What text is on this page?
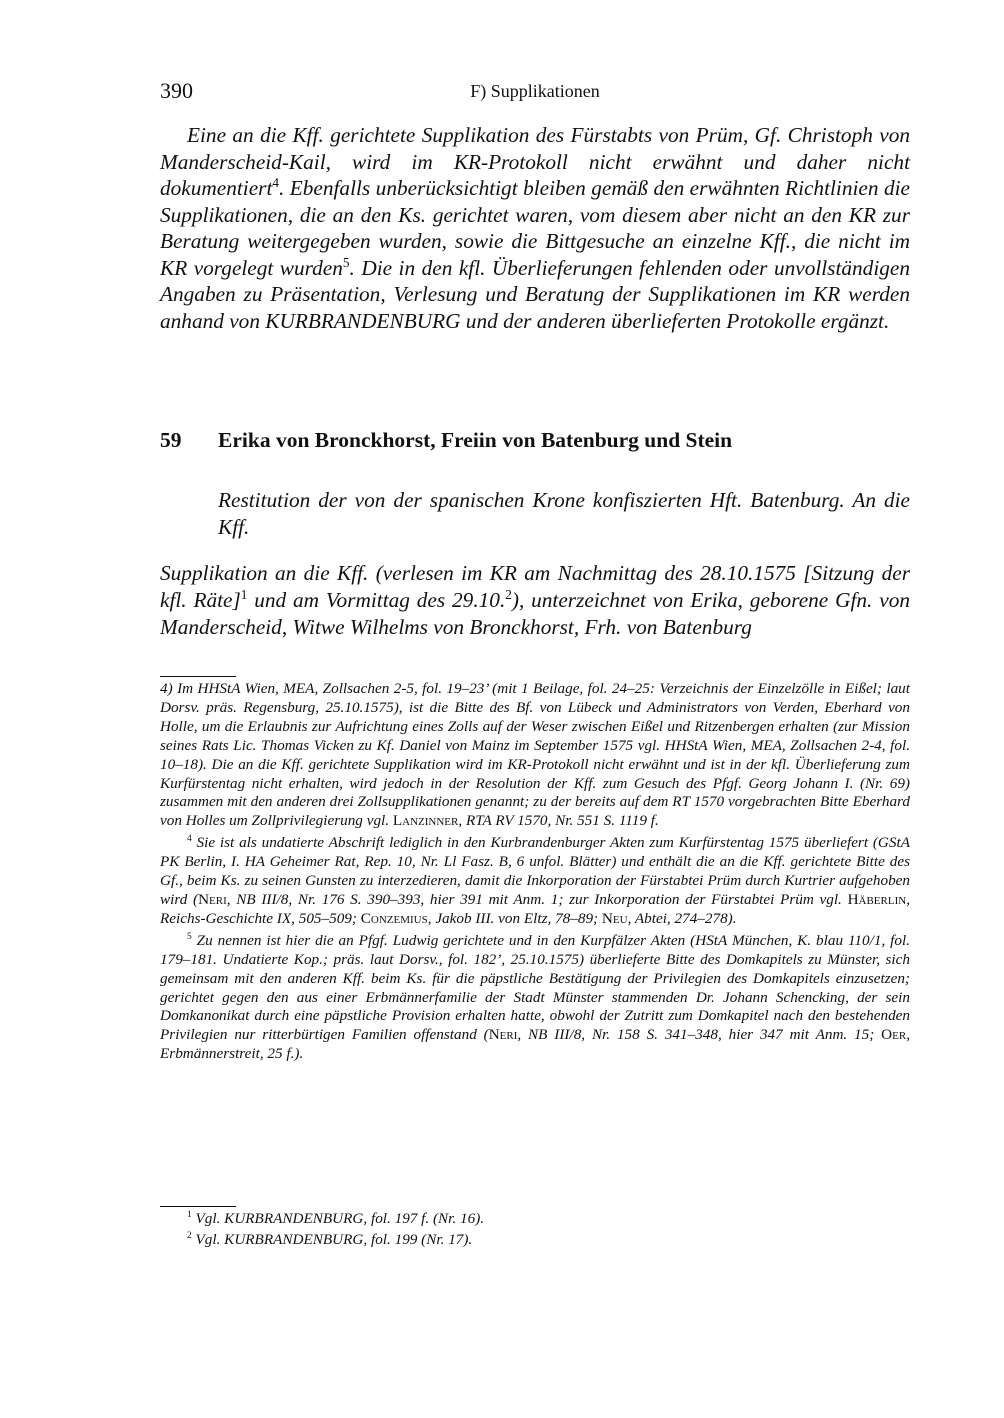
390	F) Supplikationen

Eine an die Kff. gerichtete Supplikation des Fürstabts von Prüm, Gf. Christoph von Manderscheid-Kail, wird im KR-Protokoll nicht erwähnt und daher nicht dokumentiert$^4$. Ebenfalls unberücksichtigt bleiben gemäß den erwähnten Richtlinien die Supplikationen, die an den Ks. gerichtet waren, vom diesem aber nicht an den KR zur Beratung weitergegeben wurden, sowie die Bittgesuche an einzelne Kff., die nicht im KR vorgelegt wurden$^5$. Die in den kfl. Überlieferungen fehlenden oder unvollständigen Angaben zu Präsentation, Verlesung und Beratung der Supplikationen im KR werden anhand von KURBRANDENBURG und der anderen überlieferten Protokolle ergänzt.

59 Erika von Bronckhorst, Freiin von Batenburg und Stein

Restitution der von der spanischen Krone konfiszierten Hft. Batenburg. An die Kff.

Supplikation an die Kff. (verlesen im KR am Nachmittag des 28.10.1575 [Sitzung der kfl. Räte]$^1$ und am Vormittag des 29.10.$^2$), unterzeichnet von Erika, geborene Gfn. von Manderscheid, Witwe Wilhelms von Bronckhorst, Frh. von Batenburg

4) Im HHStA Wien, MEA, Zollsachen 2-5, fol. 19–23’ (mit 1 Beilage, fol. 24–25: Verzeichnis der Einzelzölle in Eißel; laut Dorsv. präs. Regensburg, 25.10.1575), ist die Bitte des Bf. von Lübeck und Administrators von Verden, Eberhard von Holle, um die Erlaubnis zur Aufrichtung eines Zolls auf der Weser zwischen Eißel und Ritzenbergen erhalten (zur Mission seines Rats Lic. Thomas Vicken zu Kf. Daniel von Mainz im September 1575 vgl. HHStA Wien, MEA, Zollsachen 2-4, fol. 10–18). Die an die Kff. gerichtete Supplikation wird im KR-Protokoll nicht erwähnt und ist in der kfl. Überlieferung zum Kurfürstentag nicht erhalten, wird jedoch in der Resolution der Kff. zum Gesuch des Pfgf. Georg Johann I. (Nr. 69) zusammen mit den anderen drei Zollsupplikationen genannt; zu der bereits auf dem RT 1570 vorgebrachten Bitte Eberhard von Holles um Zollprivilegierung vgl. Lanzinner, RTA RV 1570, Nr. 551 S. 1119 f.

$^4$ Sie ist als undatierte Abschrift lediglich in den Kurbrandenburger Akten zum Kurfürstentag 1575 überliefert (GStA PK Berlin, I. HA Geheimer Rat, Rep. 10, Nr. Ll Fasz. B, 6 unfol. Blätter) und enthält die an die Kff. gerichtete Bitte des Gf., beim Ks. zu seinen Gunsten zu interzedieren, damit die Inkorporation der Fürstabtei Prüm durch Kurtrier aufgehoben wird (Neri, NB III/8, Nr. 176 S. 390–393, hier 391 mit Anm. 1; zur Inkorporation der Fürstabtei Prüm vgl. Häberlin, Reichs-Geschichte IX, 505–509; Conzemius, Jakob III. von Eltz, 78–89; Neu, Abtei, 274–278).

$^5$ Zu nennen ist hier die an Pfgf. Ludwig gerichtete und in den Kurpfälzer Akten (HStA München, K. blau 110/1, fol. 179–181. Undatierte Kop.; präs. laut Dorsv., fol. 182’, 25.10.1575) überlieferte Bitte des Domkapitels zu Münster, sich gemeinsam mit den anderen Kff. beim Ks. für die päpstliche Bestätigung der Privilegien des Domkapitels einzusetzen; gerichtet gegen den aus einer Erbmännerfamilie der Stadt Münster stammenden Dr. Johann Schencking, der sein Domkanonikat durch eine päpstliche Provision erhalten hatte, obwohl der Zutritt zum Domkapitel nach den bestehenden Privilegien nur ritterbürtigen Familien offenstand (Neri, NB III/8, Nr. 158 S. 341–348, hier 347 mit Anm. 15; Oer, Erbmännerstreit, 25 f.).

$^1$ Vgl. KURBRANDENBURG, fol. 197 f. (Nr. 16).

$^2$ Vgl. KURBRANDENBURG, fol. 199 (Nr. 17).
